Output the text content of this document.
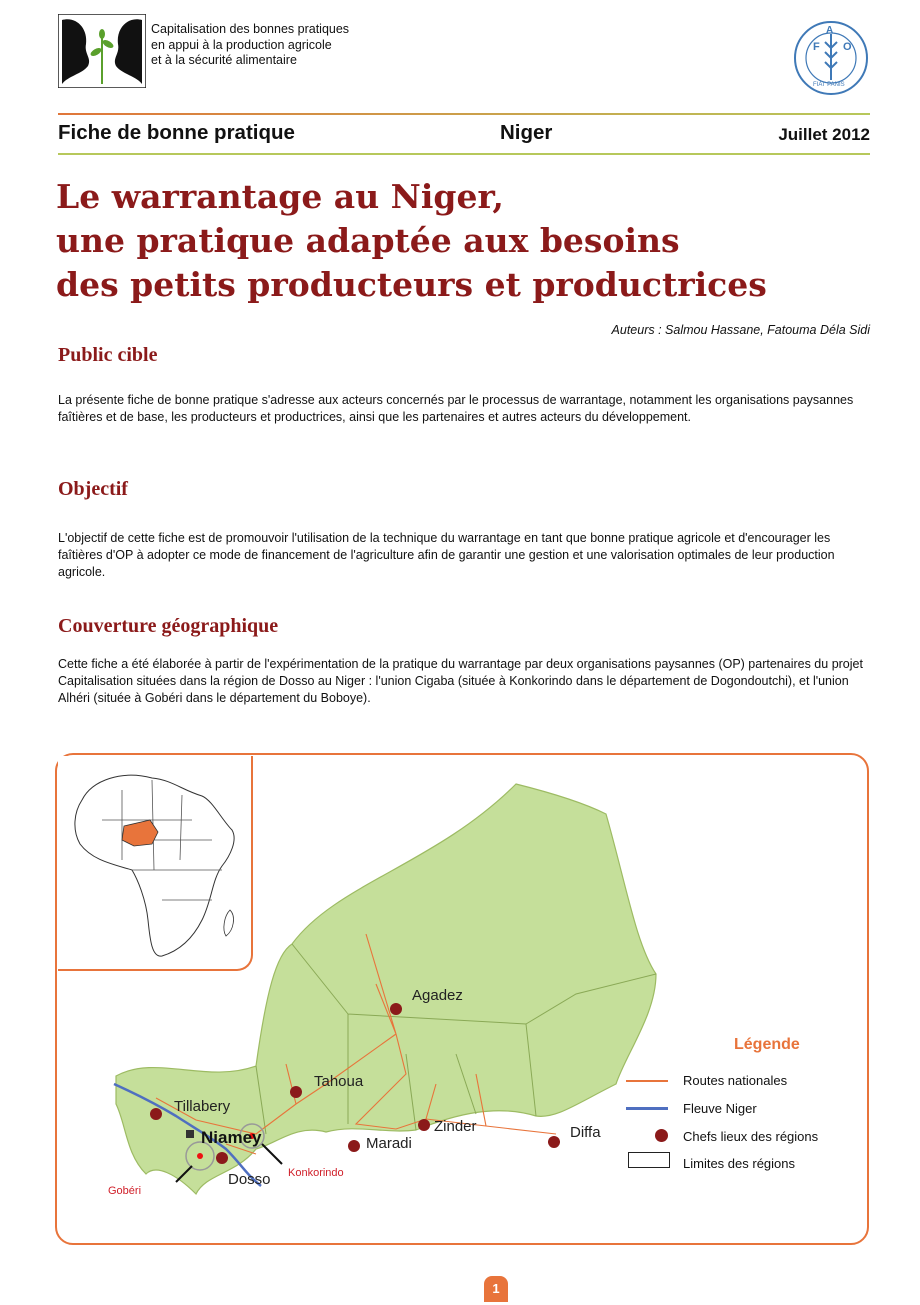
Capitalisation des bonnes pratiques
en appui à la production agricole
et à la sécurité alimentaire
F
A
O
FIAT PANIS
Fiche de bonne pratique	Niger	Juillet 2012
Le warrantage au Niger,
une pratique adaptée aux besoins
des petits producteurs et productrices
Auteurs : Salmou Hassane, Fatouma Déla Sidi
Public cible
La présente fiche de bonne pratique s'adresse aux acteurs concernés par le processus de warrantage, notamment les organisations paysannes faîtières et de base, les producteurs et productrices, ainsi que les partenaires et autres acteurs du développement.
Objectif
L'objectif de cette fiche est de promouvoir l'utilisation de la technique du warrantage en tant que bonne pratique agricole et d'encourager les faîtières d'OP à adopter ce mode de financement de l'agriculture afin de garantir une gestion et une valorisation optimales de leur production agricole.
Couverture géographique
Cette fiche a été élaborée à partir de l'expérimentation de la pratique du warrantage par deux organisations paysannes (OP) partenaires du projet Capitalisation situées dans la région de Dosso au Niger : l'union Cigaba (située à Konkorindo dans le département de Dogondoutchi), et l'union Alhéri (située à Gobéri dans le département du Boboye).
Agadez
Tahoua
Tillabery
Niamey	Maradi
Zinder	Diffa
Dosso
Gobéri
Konkorindo
Légende
Routes nationales
Fleuve Niger
Chefs lieux des régions
Limites des régions
1
